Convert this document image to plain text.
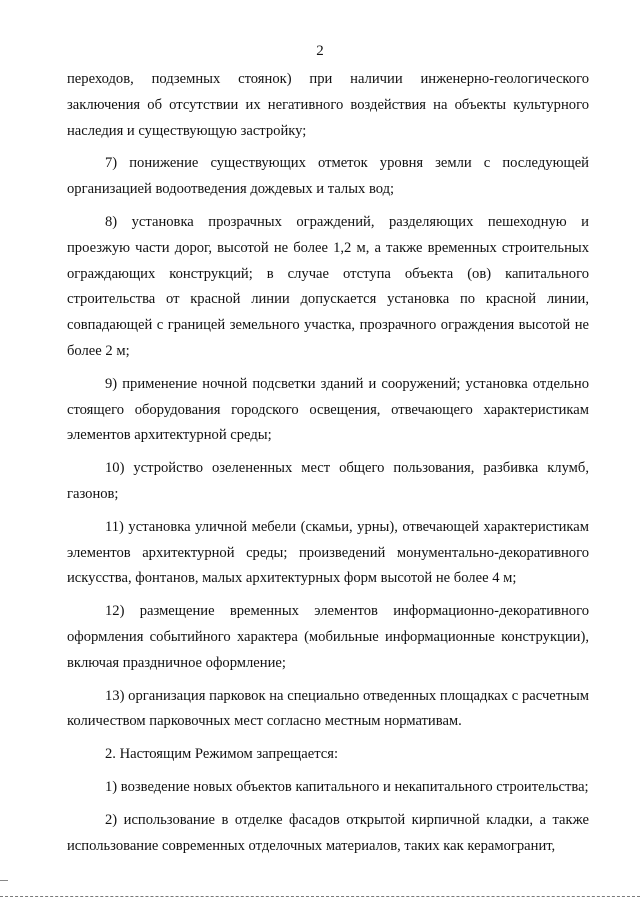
2

переходов, подземных стоянок) при наличии инженерно-геологического заключения об отсутствии их негативного воздействия на объекты культурного наследия и существующую застройку;

7) понижение существующих отметок уровня земли с последующей организацией водоотведения дождевых и талых вод;

8) установка прозрачных ограждений, разделяющих пешеходную и проезжую части дорог, высотой не более 1,2 м, а также временных строительных ограждающих конструкций; в случае отступа объекта (ов) капитального строительства от красной линии допускается установка по красной линии, совпадающей с границей земельного участка, прозрачного ограждения высотой не более 2 м;

9) применение ночной подсветки зданий и сооружений; установка отдельно стоящего оборудования городского освещения, отвечающего характеристикам элементов архитектурной среды;

10) устройство озелененных мест общего пользования, разбивка клумб, газонов;

11) установка уличной мебели (скамьи, урны), отвечающей характеристикам элементов архитектурной среды; произведений монументально-декоративного искусства, фонтанов, малых архитектурных форм высотой не более 4 м;

12) размещение временных элементов информационно-декоративного оформления событийного характера (мобильные информационные конструкции), включая праздничное оформление;

13) организация парковок на специально отведенных площадках с расчетным количеством парковочных мест согласно местным нормативам.

2. Настоящим Режимом запрещается:

1) возведение новых объектов капитального и некапитального строительства;

2) использование в отделке фасадов открытой кирпичной кладки, а также использование современных отделочных материалов, таких как керамогранит,
